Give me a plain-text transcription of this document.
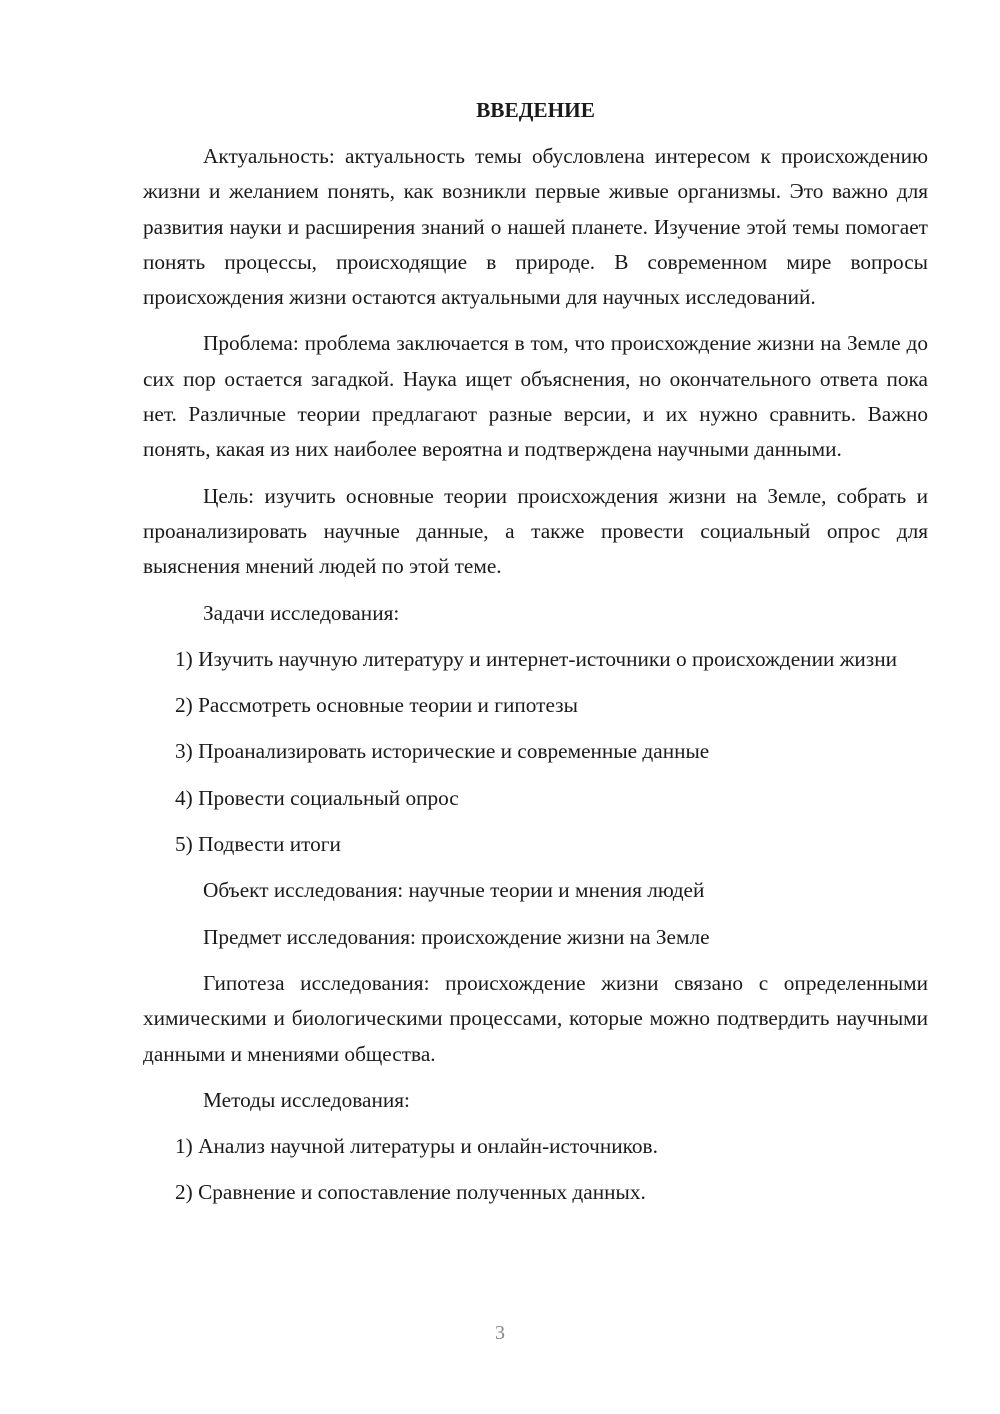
ВВЕДЕНИЕ

Актуальность: актуальность темы обусловлена интересом к происхождению жизни и желанием понять, как возникли первые живые организмы. Это важно для развития науки и расширения знаний о нашей планете. Изучение этой темы помогает понять процессы, происходящие в природе. В современном мире вопросы происхождения жизни остаются актуальными для научных исследований.

Проблема: проблема заключается в том, что происхождение жизни на Земле до сих пор остается загадкой. Наука ищет объяснения, но окончательного ответа пока нет. Различные теории предлагают разные версии, и их нужно сравнить. Важно понять, какая из них наиболее вероятна и подтверждена научными данными.

Цель: изучить основные теории происхождения жизни на Земле, собрать и проанализировать научные данные, а также провести социальный опрос для выяснения мнений людей по этой теме.

Задачи исследования:

1) Изучить научную литературу и интернет-источники о происхождении жизни

2) Рассмотреть основные теории и гипотезы

3) Проанализировать исторические и современные данные

4) Провести социальный опрос

5) Подвести итоги

Объект исследования: научные теории и мнения людей

Предмет исследования: происхождение жизни на Земле

Гипотеза исследования: происхождение жизни связано с определенными химическими и биологическими процессами, которые можно подтвердить научными данными и мнениями общества.

Методы исследования:

1) Анализ научной литературы и онлайн-источников.

2) Сравнение и сопоставление полученных данных.

3
